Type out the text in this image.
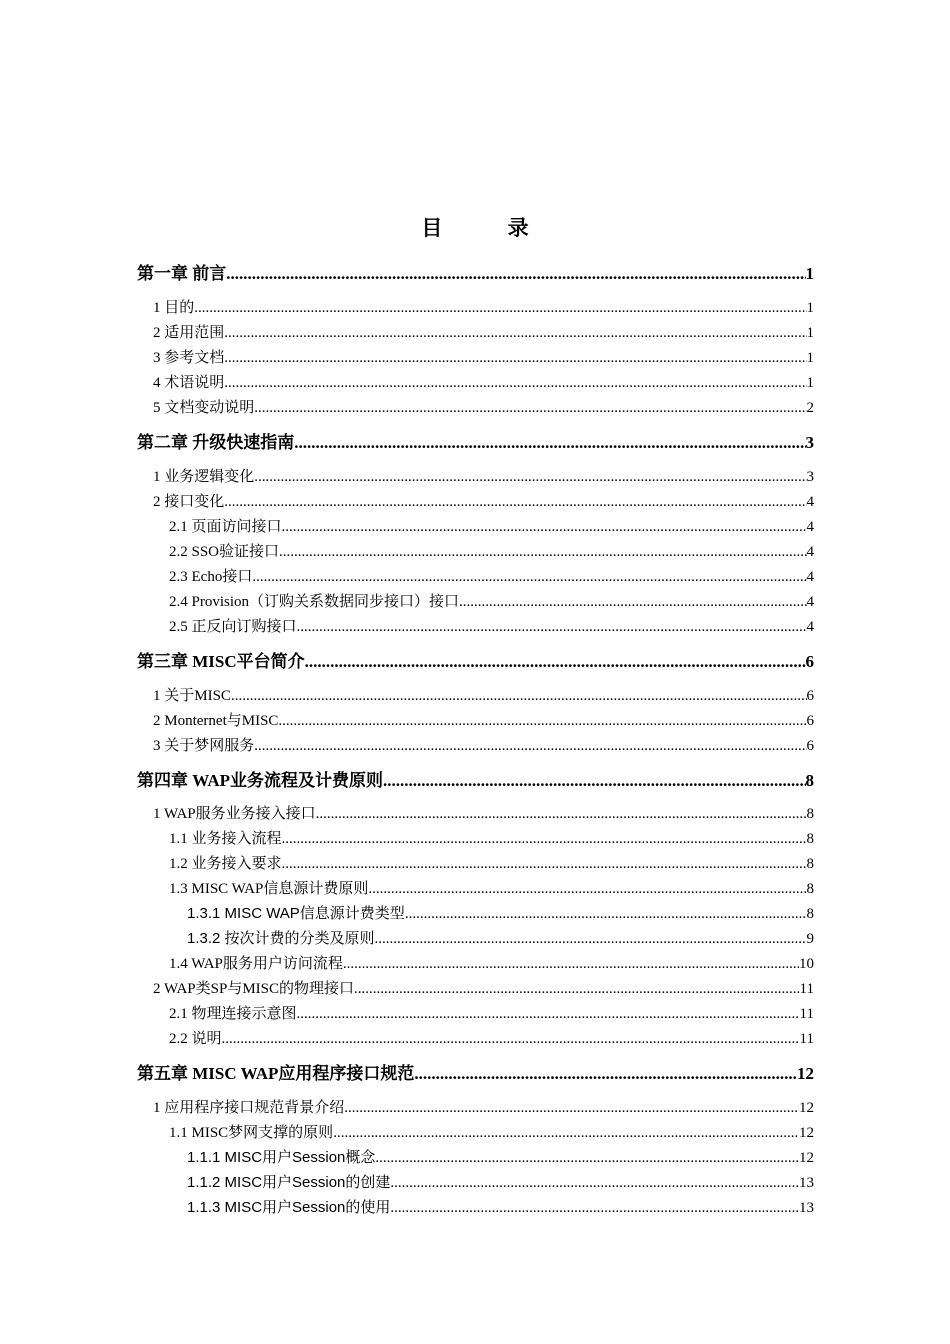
目 录
第一章 前言 .....	1
1 目的 .....	1
2 适用范围 .....	1
3 参考文档 .....	1
4 术语说明 .....	1
5 文档变动说明 .....	2
第二章 升级快速指南 .....	3
1 业务逻辑变化 .....	3
2 接口变化 .....	4
2.1 页面访问接口 .....	4
2.2 SSO验证接口 .....	4
2.3 Echo接口 .....	4
2.4 Provision（订购关系数据同步接口）接口 .....	4
2.5 正反向订购接口 .....	4
第三章 MISC平台简介 .....	6
1 关于MISC .....	6
2 Monternet与MISC .....	6
3 关于梦网服务 .....	6
第四章 WAP业务流程及计费原则 .....	8
1 WAP服务业务接入接口 .....	8
1.1 业务接入流程 .....	8
1.2 业务接入要求 .....	8
1.3 MISC WAP信息源计费原则 .....	8
1.3.1 MISC WAP信息源计费类型 .....	8
1.3.2 按次计费的分类及原则 .....	9
1.4 WAP服务用户访问流程 .....	10
2 WAP类SP与MISC的物理接口 .....	11
2.1 物理连接示意图 .....	11
2.2 说明 .....	11
第五章 MISC WAP应用程序接口规范 .....	12
1 应用程序接口规范背景介绍 .....	12
1.1 MISC梦网支撑的原则 .....	12
1.1.1 MISC用户Session概念 .....	12
1.1.2 MISC用户Session的创建 .....	13
1.1.3 MISC用户Session的使用 .....	13
